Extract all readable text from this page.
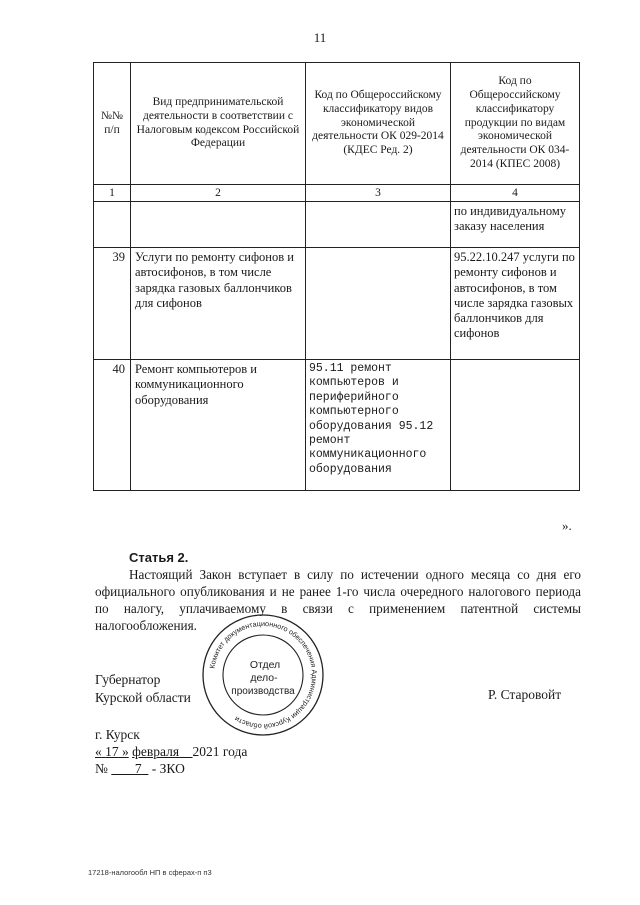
11
№№ п/п	Вид предпринимательской деятельности в соответствии с Налоговым кодексом Российской Федерации	Код по Общероссийскому классификатору видов экономической деятельности ОК 029-2014 (КДЕС Ред. 2)	Код по Общероссийскому классификатору продукции по видам экономической деятельности ОК 034-2014 (КПЕС 2008)
1	2	3	4
			по индивидуальному заказу населения
39	Услуги по ремонту сифонов и автосифонов, в том числе зарядка газовых баллончиков для сифонов		95.22.10.247 услуги по ремонту сифонов и автосифонов, в том числе зарядка газовых баллончиков для сифонов
40	Ремонт компьютеров и коммуникационного оборудования	95.11 ремонт компьютеров и периферийного компьютерного оборудования 95.12 ремонт коммуникационного оборудования	
».
Статья 2.

Настоящий Закон вступает в силу по истечении одного месяца со дня его официального опубликования и не ранее 1-го числа очередного налогового периода по налогу, уплачиваемому в связи с применением патентной системы налогообложения.

Губернатор
Курской области	Р. Старовойт
Комитет документационного обеспечения Администрации Курской области
Отдел
дело-
производства
г. Курск
« 17 » февраля 2021 года
№ 7 - ЗКО
17218-налогообл НП в сферах-п п3
